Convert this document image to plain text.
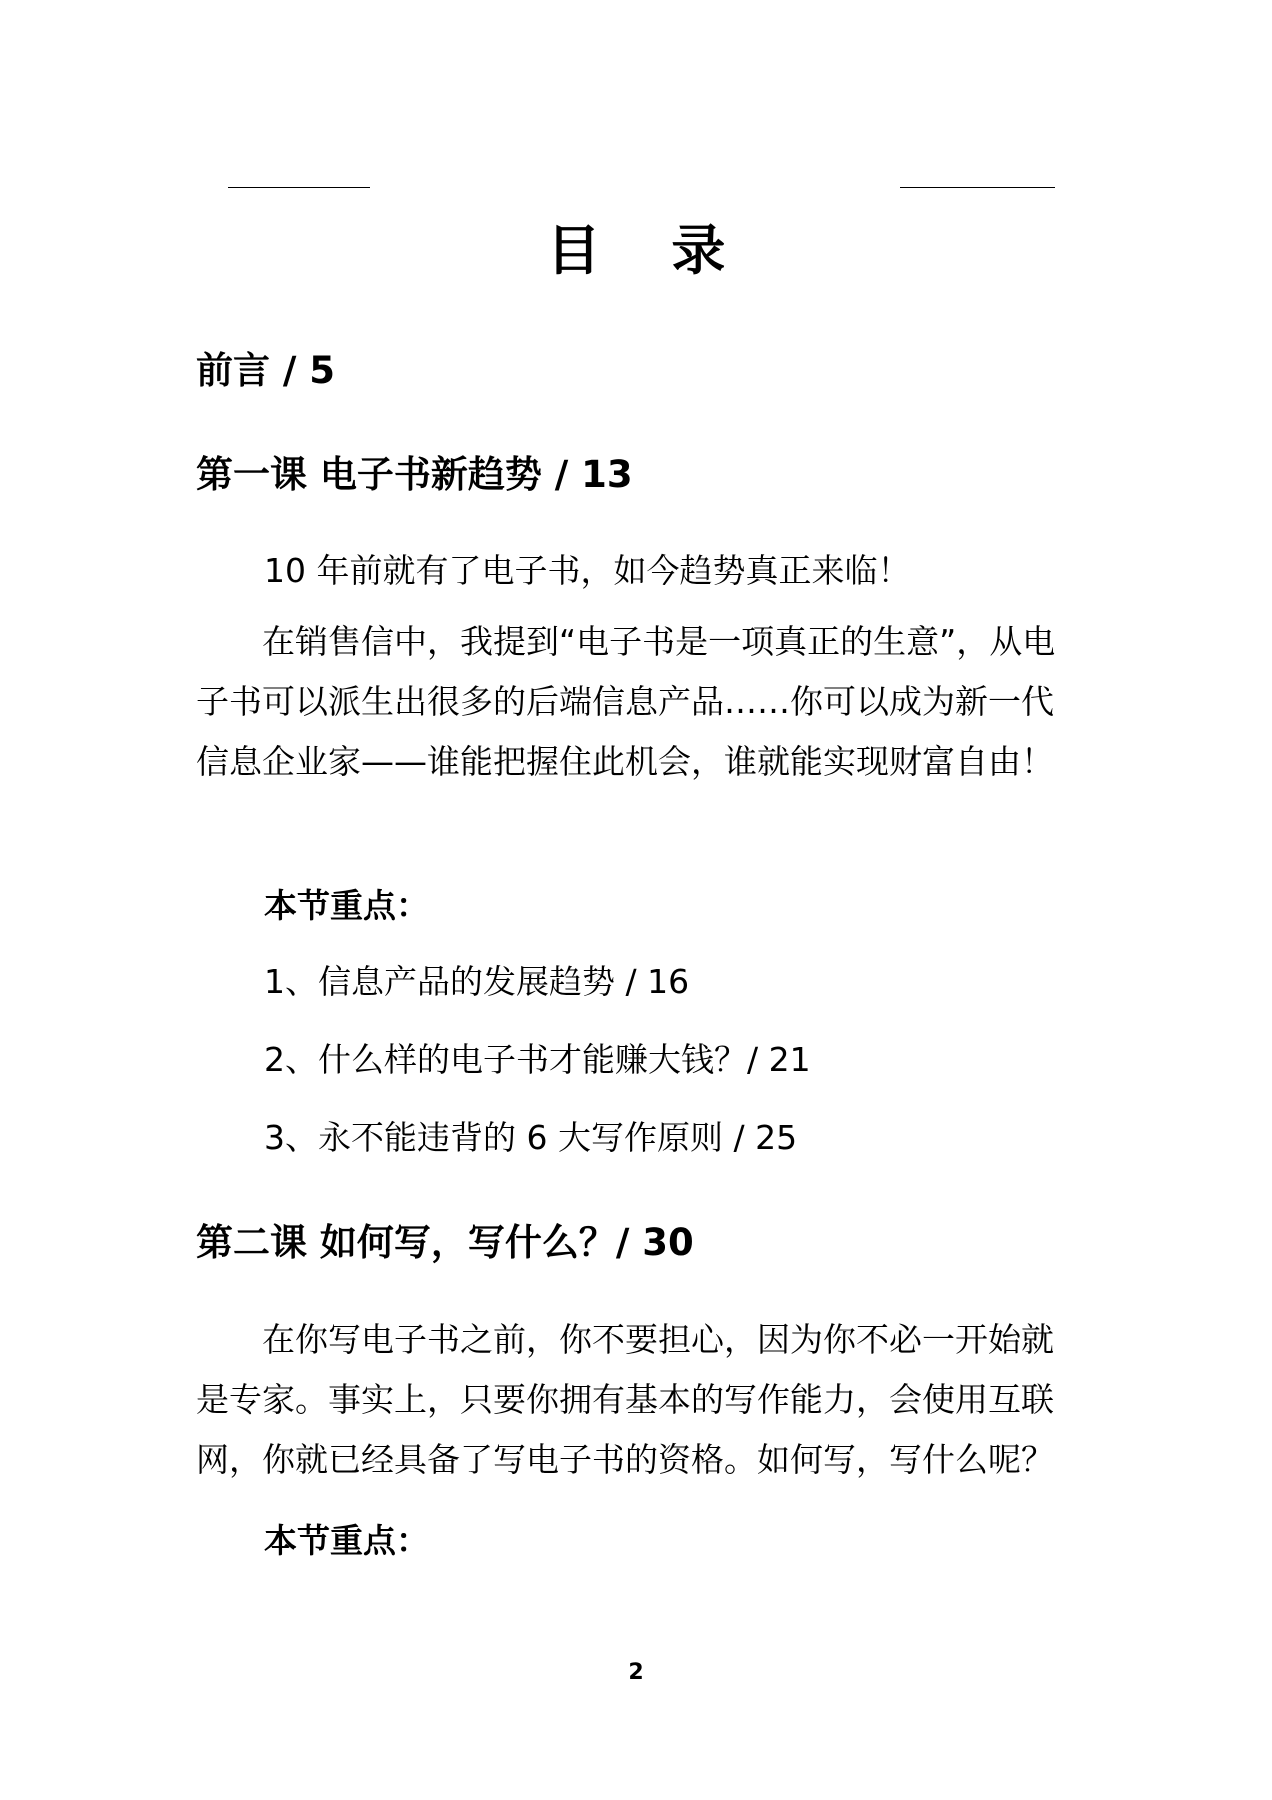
目 录
前言 / 5
第一课 电子书新趋势 / 13
10 年前就有了电子书，如今趋势真正来临！

在销售信中，我提到“电子书是一项真正的生意”，从电子书可以派生出很多的后端信息产品……你可以成为新一代信息企业家——谁能把握住此机会，谁就能实现财富自由！

本节重点：
1、信息产品的发展趋势 / 16
2、什么样的电子书才能赚大钱？/ 21
3、永不能违背的 6 大写作原则 / 25
第二课 如何写，写什么？/ 30

在你写电子书之前，你不要担心，因为你不必一开始就是专家。事实上，只要你拥有基本的写作能力，会使用互联网，你就已经具备了写电子书的资格。如何写，写什么呢？

本节重点：
2
